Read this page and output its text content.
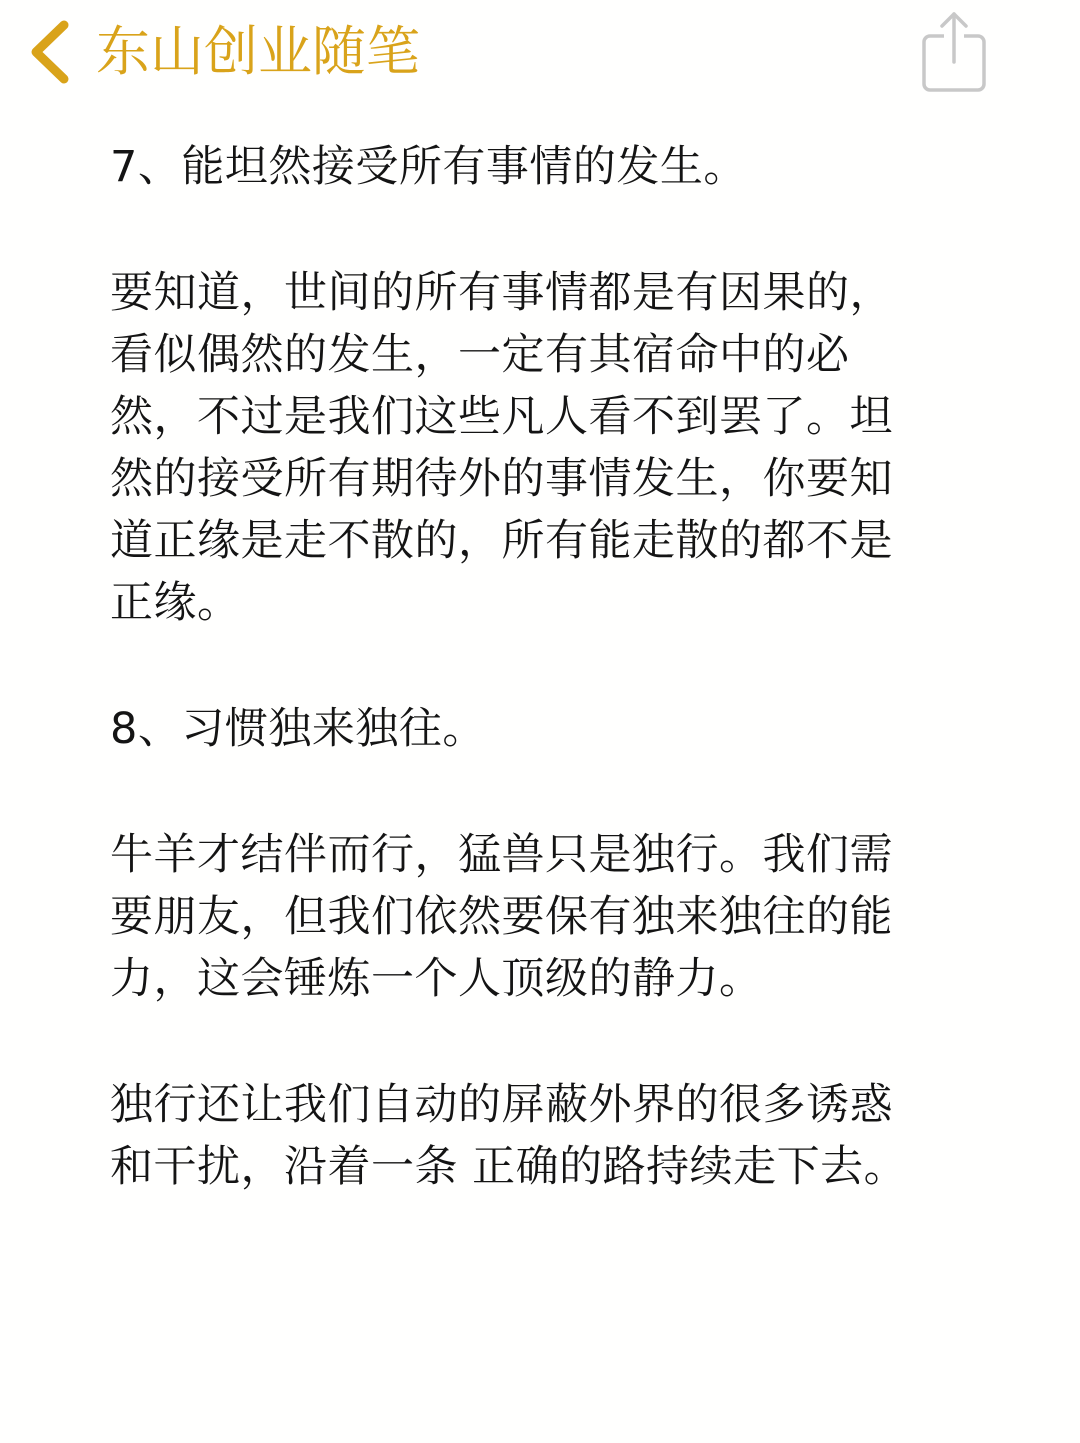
东山创业随笔
7、能坦然接受所有事情的发生。
要知道，世间的所有事情都是有因果的，
看似偶然的发生，一定有其宿命中的必
然，不过是我们这些凡人看不到罢了。坦
然的接受所有期待外的事情发生，你要知
道正缘是走不散的，所有能走散的都不是
正缘。
8、习惯独来独往。
牛羊才结伴而行，猛兽只是独行。我们需
要朋友，但我们依然要保有独来独往的能
力，这会锤炼一个人顶级的静力。
独行还让我们自动的屏蔽外界的很多诱惑
和干扰，沿着一条 正确的路持续走下去。
